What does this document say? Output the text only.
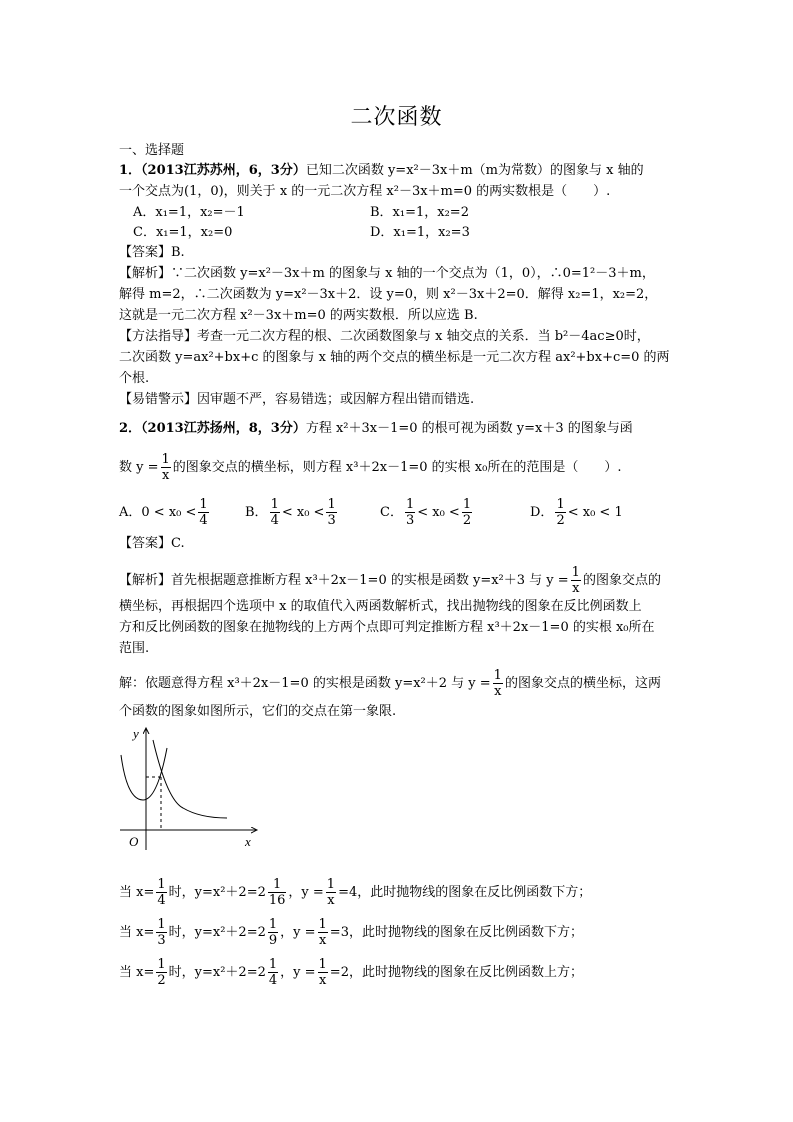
二次函数
一、选择题
1．（2013江苏苏州，6，3分）已知二次函数 y=x²－3x＋m（m为常数）的图象与 x 轴的
一个交点为(1，0)，则关于 x 的一元二次方程 x²－3x＋m=0 的两实数根是（　　）.
A．x₁=1，x₂=－1	B．x₁=1，x₂=2
C．x₁=1，x₂=0	D．x₁=1，x₂=3
【答案】B.
【解析】∵二次函数 y=x²－3x＋m 的图象与 x 轴的一个交点为（1，0），∴0=1²－3＋m，
解得 m=2，∴二次函数为 y=x²－3x＋2．设 y=0，则 x²－3x＋2=0．解得 x₂=1，x₂=2，
这就是一元二次方程 x²－3x＋m=0 的两实数根．所以应选 B.
【方法指导】考查一元二次方程的根、二次函数图象与 x 轴交点的关系．当 b²－4ac≥0时，
二次函数 y=ax²+bx+c 的图象与 x 轴的两个交点的横坐标是一元二次方程 ax²+bx+c=0 的两
个根.
【易错警示】因审题不严，容易错选；或因解方程出错而错选.
2．（2013江苏扬州，8，3分）方程 x²＋3x－1=0 的根可视为函数 y=x＋3 的图象与函
数 $y = \frac{1}{x}$ 的图象交点的横坐标，则方程 x³＋2x－1=0 的实根 x₀所在的范围是（　　）.
A．$0 < x_0 < \frac{1}{4}$	B． $\frac{1}{4} < x_0 < \frac{1}{3}$	C． $\frac{1}{3} < x_0 < \frac{1}{2}$	D． $\frac{1}{2} < x_0 < 1$
【答案】C.
【解析】首先根据题意推断方程 x³＋2x－1=0 的实根是函数 y=x²＋3 与 $y = \frac{1}{x}$ 的图象交点的
横坐标，再根据四个选项中 x 的取值代入两函数解析式，找出抛物线的图象在反比例函数上
方和反比例函数的图象在抛物线的上方两个点即可判定推断方程 x³＋2x－1=0 的实根 x₀所在
范围.
解：依题意得方程 x³＋2x－1=0 的实根是函数 y=x²＋2 与 $y = \frac{1}{x}$ 的图象交点的横坐标，这两
个函数的图象如图所示，它们的交点在第一象限.
y
x
O
当 $x= \frac{1}{4}$ 时，$y=x^2+2=2 \frac{1}{16}$ ，$y = \frac{1}{x} =4$，此时抛物线的图象在反比例函数下方；
当 $x= \frac{1}{3}$ 时，$y=x^2+2=2 \frac{1}{9}$ ，$y = \frac{1}{x} =3$，此时抛物线的图象在反比例函数下方；
当 $x= \frac{1}{2}$ 时，$y=x^2+2=2 \frac{1}{4}$ ，$y = \frac{1}{x} =2$，此时抛物线的图象在反比例函数上方；
